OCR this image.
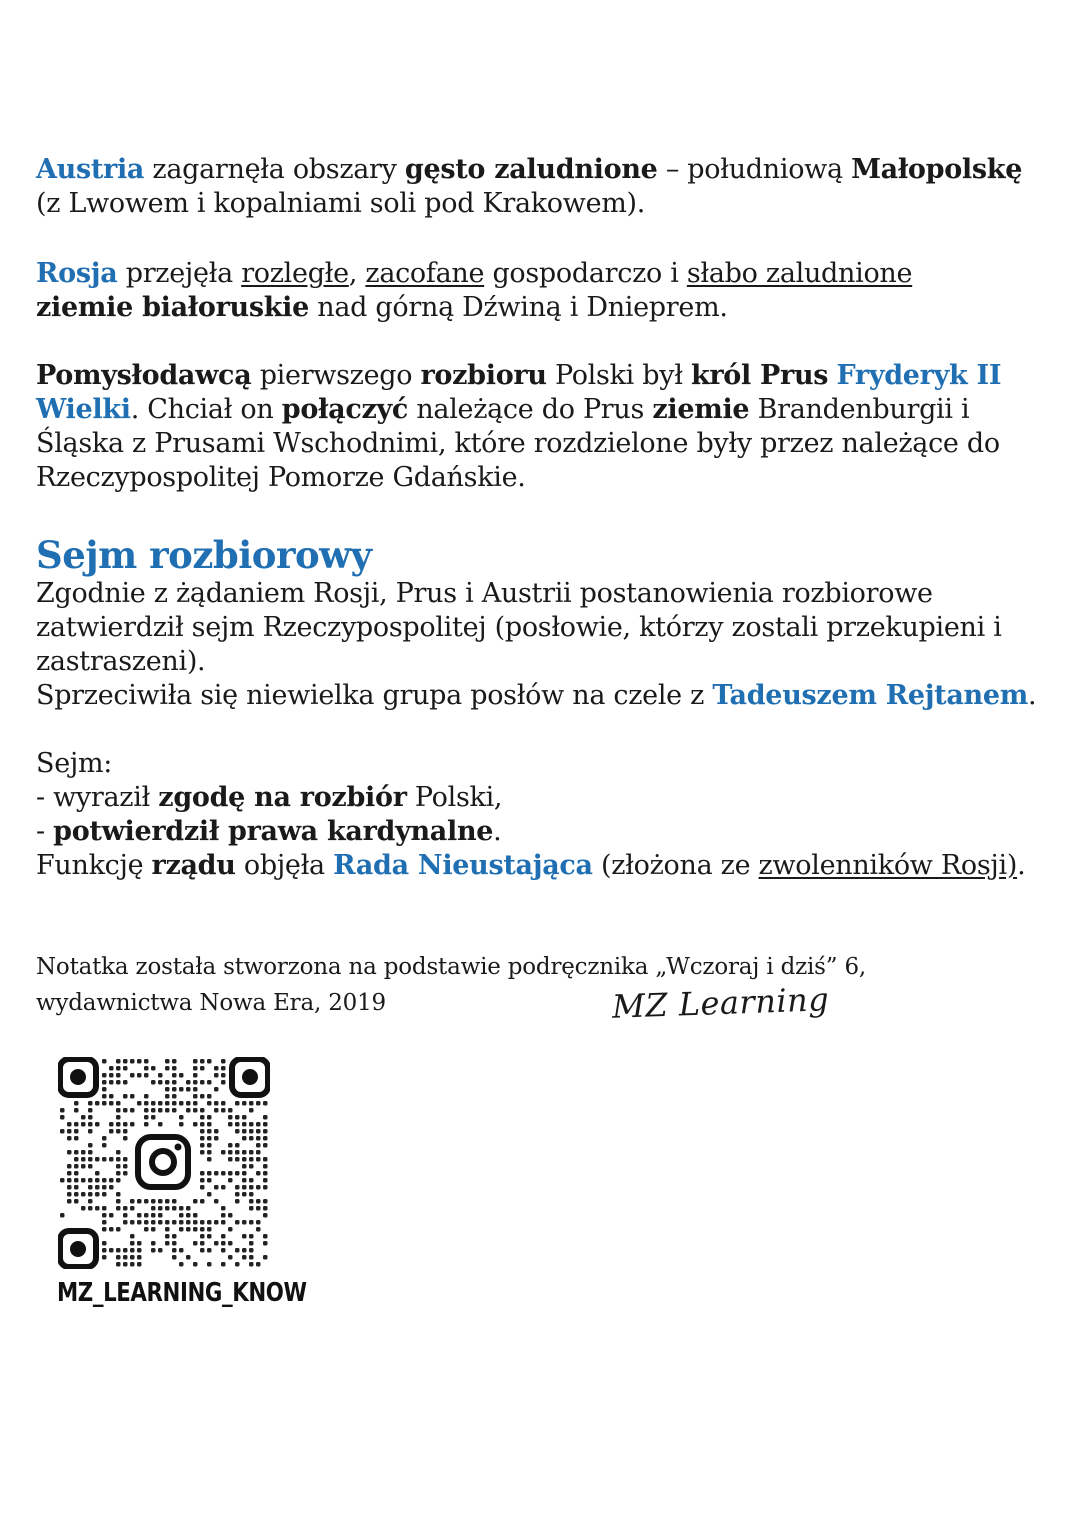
Austria zagarnęła obszary gęsto zaludnione – południową Małopolskę (z Lwowem i kopalniami soli pod Krakowem).

Rosja przejęła rozległe, zacofane gospodarczo i słabo zaludnione
ziemie białoruskie nad górną Dźwiną i Dnieprem.

Pomysłodawcą pierwszego rozbioru Polski był król Prus Fryderyk II Wielki. Chciał on połączyć należące do Prus ziemie Brandenburgii i Śląska z Prusami Wschodnimi, które rozdzielone były przez należące do Rzeczypospolitej Pomorze Gdańskie.

Sejm rozbiorowy

Zgodnie z żądaniem Rosji, Prus i Austrii postanowienia rozbiorowe zatwierdził sejm Rzeczypospolitej (posłowie, którzy zostali przekupieni i zastraszeni).

Sprzeciwiła się niewielka grupa posłów na czele z Tadeuszem Rejtanem.

Sejm:
- wyraził zgodę na rozbiór Polski,
- potwierdził prawa kardynalne.
Funkcję rządu objęła Rada Nieustająca (złożona ze zwolenników Rosji).

Notatka została stworzona na podstawie podręcznika „Wczoraj i dziś” 6,
wydawnictwa Nowa Era, 2019	MZ Learning
MZ_LEARNING_KNOW
